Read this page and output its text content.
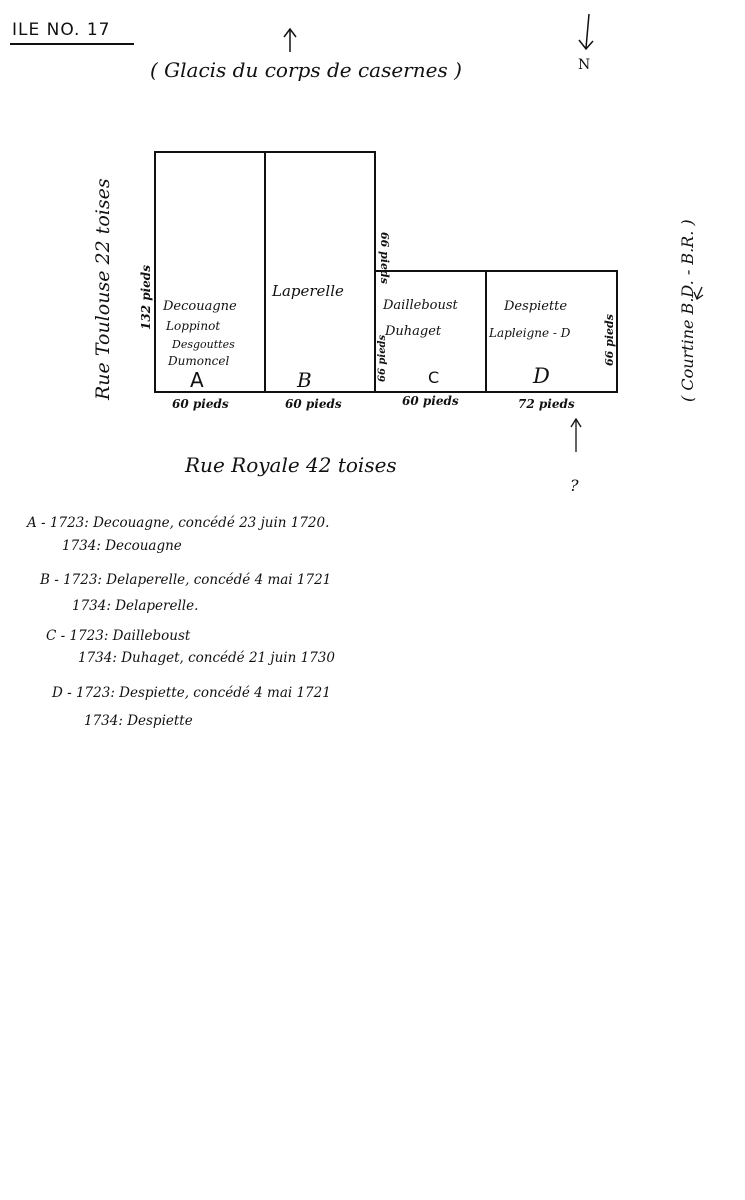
ILE NO. 17
( Glacis du corps de casernes )	N
Rue Toulouse 22 toises	( Courtine B.D. - B.R. )
Rue Royale 42 toises
?
132 pieds Decouagne
Loppinot
Desgouttes
Dumoncel
A
60 pieds
Laperelle
B
60 pieds
66 pieds
66 pieds
Dailleboust
Duhaget
C
60 pieds
Despiette
Lapleigne - D
D
66 pieds
72 pieds
A - 1723: Decouagne, concédé 23 juin 1720.
1734: Decouagne
B - 1723: Delaperelle, concédé 4 mai 1721
1734: Delaperelle.
C - 1723: Dailleboust
1734: Duhaget, concédé 21 juin 1730
D - 1723: Despiette, concédé 4 mai 1721
1734: Despiette
